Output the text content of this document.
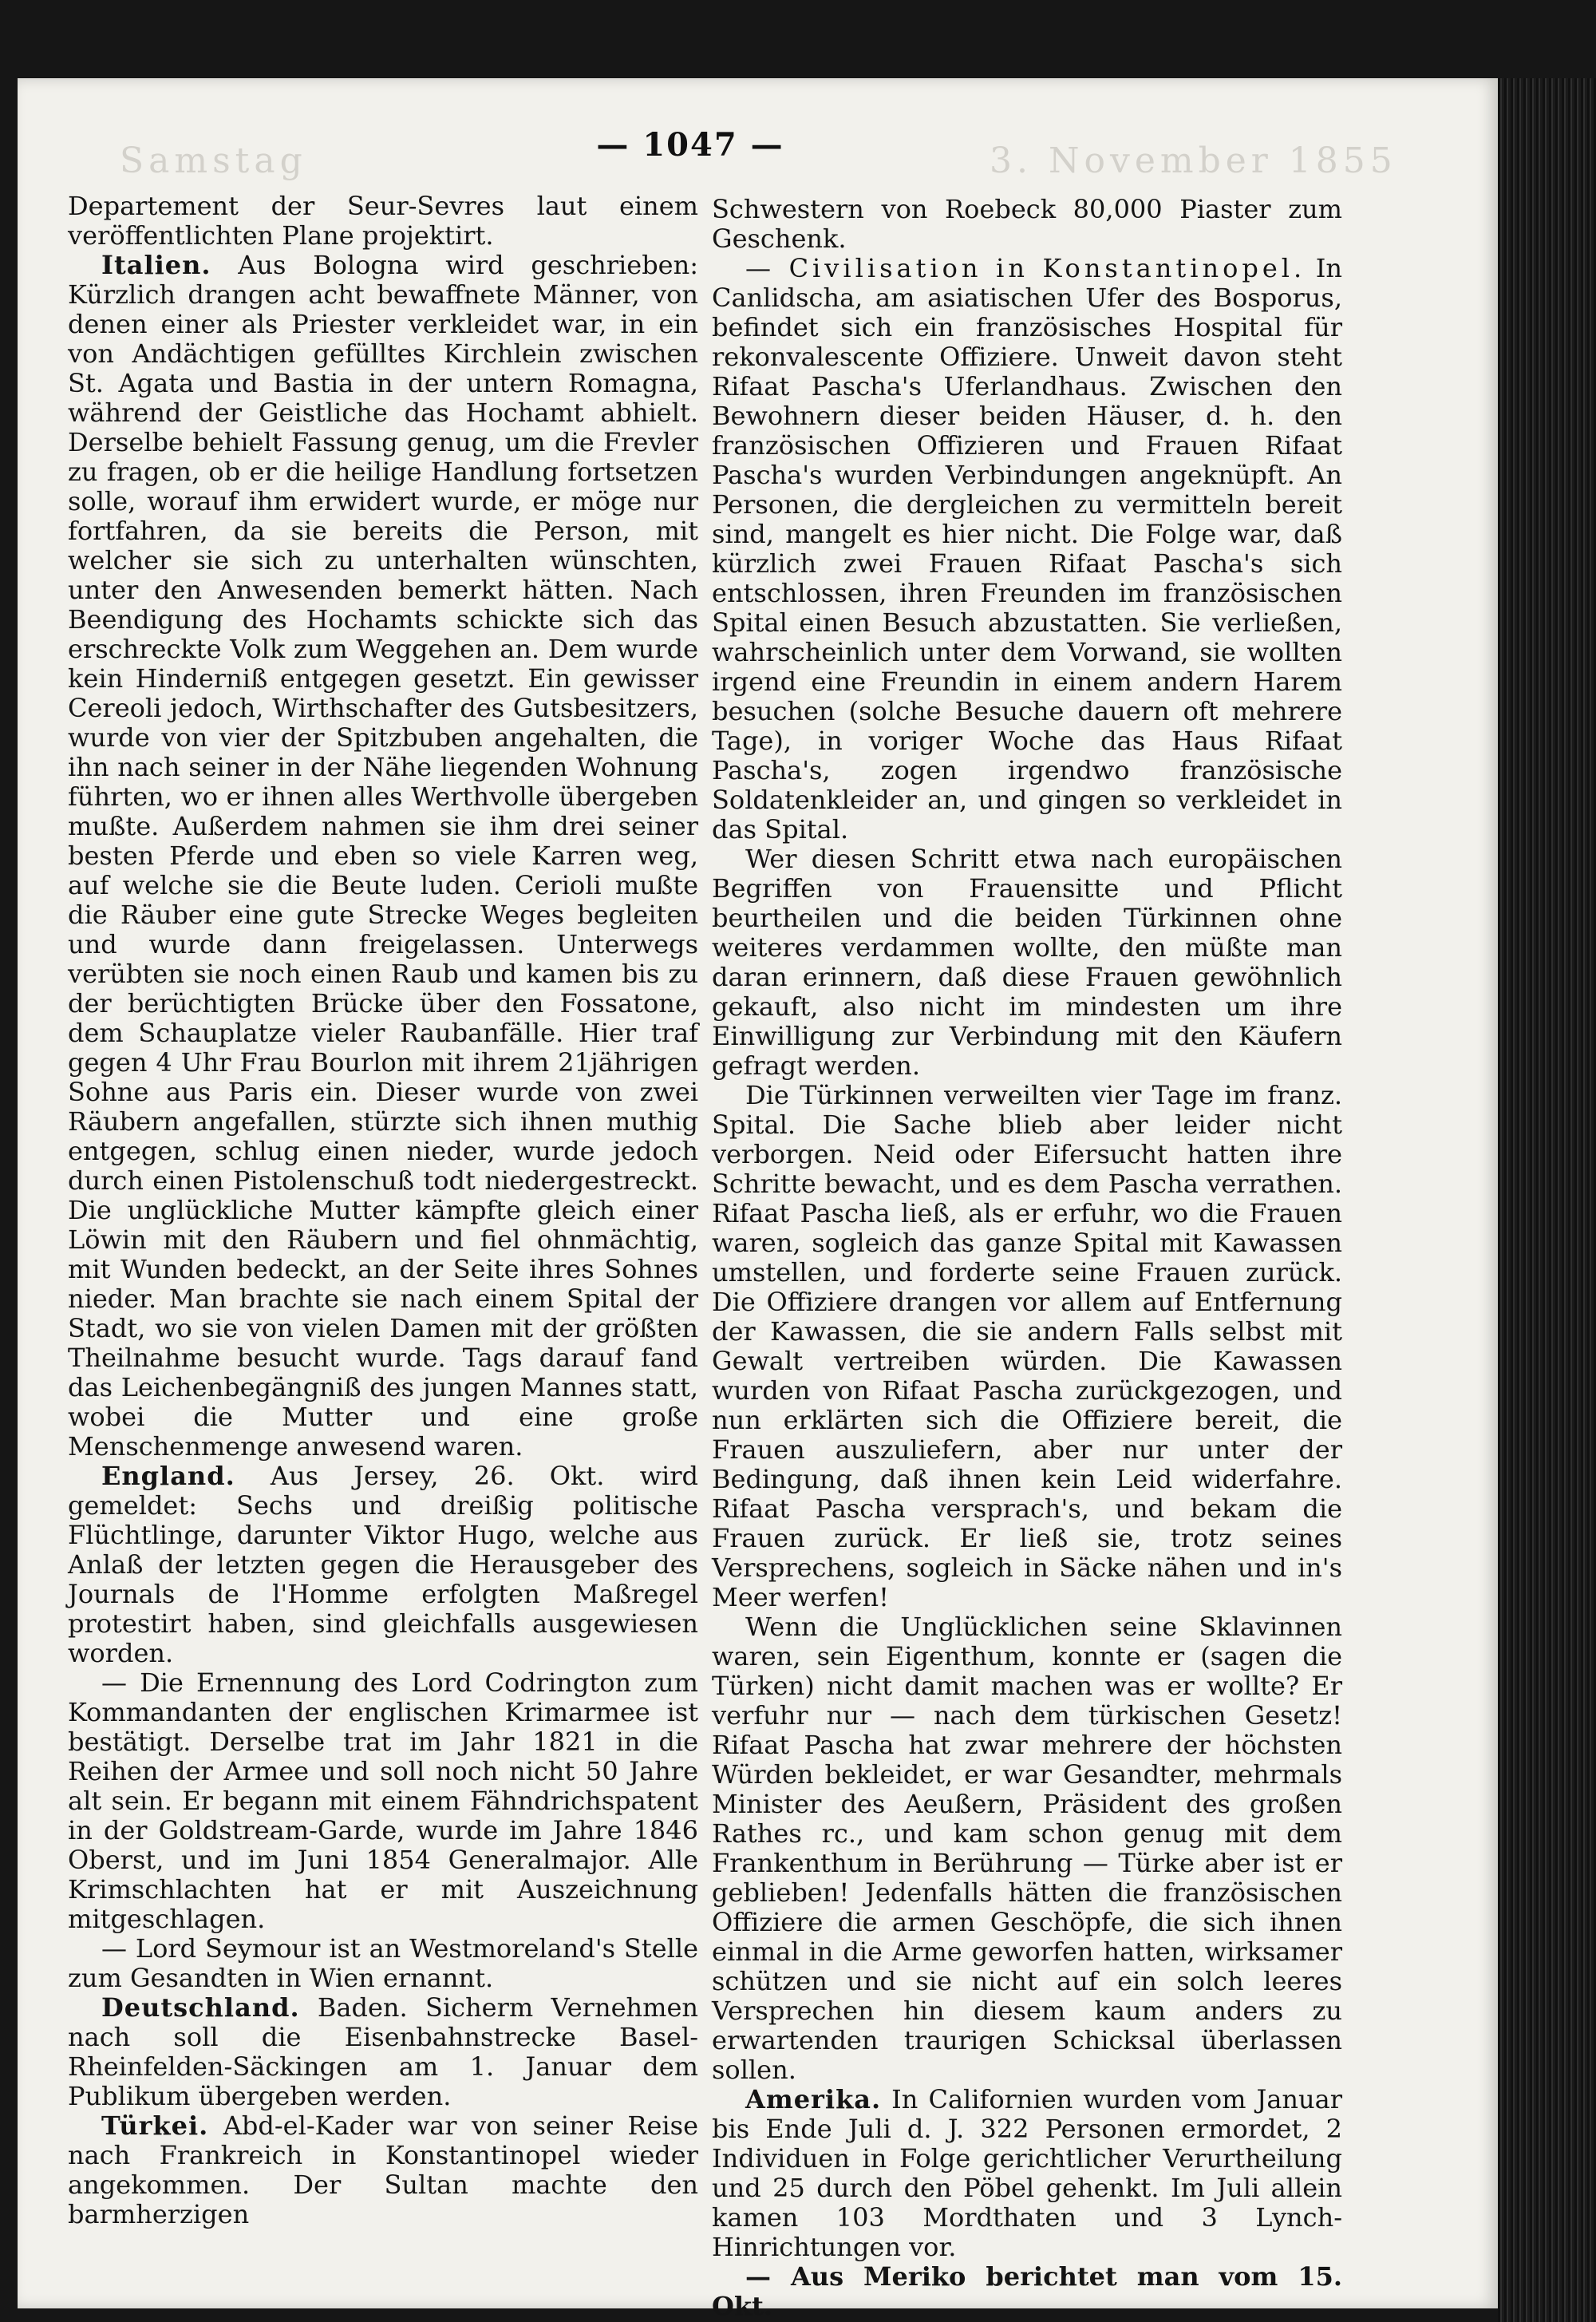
Samstag	3. November 1855
— 1047 —

Departement der Seur-Sevres laut einem veröffentlichten Plane projektirt.

Italien. Aus Bologna wird geschrieben: Kürzlich drangen acht bewaffnete Männer, von denen einer als Priester verkleidet war, in ein von Andächtigen gefülltes Kirchlein zwischen St. Agata und Bastia in der untern Romagna, während der Geistliche das Hochamt abhielt. Derselbe behielt Fassung genug, um die Frevler zu fragen, ob er die heilige Handlung fortsetzen solle, worauf ihm erwidert wurde, er möge nur fortfahren, da sie bereits die Person, mit welcher sie sich zu unterhalten wünschten, unter den Anwesenden bemerkt hätten. Nach Beendigung des Hochamts schickte sich das erschreckte Volk zum Weggehen an. Dem wurde kein Hinderniß entgegen gesetzt. Ein gewisser Cereoli jedoch, Wirthschafter des Gutsbesitzers, wurde von vier der Spitzbuben angehalten, die ihn nach seiner in der Nähe liegenden Wohnung führten, wo er ihnen alles Werthvolle übergeben mußte. Außerdem nahmen sie ihm drei seiner besten Pferde und eben so viele Karren weg, auf welche sie die Beute luden. Cerioli mußte die Räuber eine gute Strecke Weges begleiten und wurde dann freigelassen. Unterwegs verübten sie noch einen Raub und kamen bis zu der berüchtigten Brücke über den Fossatone, dem Schauplatze vieler Raubanfälle. Hier traf gegen 4 Uhr Frau Bourlon mit ihrem 21jährigen Sohne aus Paris ein. Dieser wurde von zwei Räubern angefallen, stürzte sich ihnen muthig entgegen, schlug einen nieder, wurde jedoch durch einen Pistolenschuß todt niedergestreckt. Die unglückliche Mutter kämpfte gleich einer Löwin mit den Räubern und fiel ohnmächtig, mit Wunden bedeckt, an der Seite ihres Sohnes nieder. Man brachte sie nach einem Spital der Stadt, wo sie von vielen Damen mit der größten Theilnahme besucht wurde. Tags darauf fand das Leichenbegängniß des jungen Mannes statt, wobei die Mutter und eine große Menschenmenge anwesend waren.

England. Aus Jersey, 26. Okt. wird gemeldet: Sechs und dreißig politische Flüchtlinge, darunter Viktor Hugo, welche aus Anlaß der letzten gegen die Herausgeber des Journals de l'Homme erfolgten Maßregel protestirt haben, sind gleichfalls ausgewiesen worden.

— Die Ernennung des Lord Codrington zum Kommandanten der englischen Krimarmee ist bestätigt. Derselbe trat im Jahr 1821 in die Reihen der Armee und soll noch nicht 50 Jahre alt sein. Er begann mit einem Fähndrichspatent in der Goldstream-Garde, wurde im Jahre 1846 Oberst, und im Juni 1854 Generalmajor. Alle Krimschlachten hat er mit Auszeichnung mitgeschlagen.

— Lord Seymour ist an Westmoreland's Stelle zum Gesandten in Wien ernannt.

Deutschland. Baden. Sicherm Vernehmen nach soll die Eisenbahnstrecke Basel-Rheinfelden-Säckingen am 1. Januar dem Publikum übergeben werden.

Türkei. Abd-el-Kader war von seiner Reise nach Frankreich in Konstantinopel wieder angekommen. Der Sultan machte den barmherzigen

Schwestern von Roebeck 80,000 Piaster zum Geschenk.

— Civilisation in Konstantinopel. In Canlidscha, am asiatischen Ufer des Bosporus, befindet sich ein französisches Hospital für rekonvalescente Offiziere. Unweit davon steht Rifaat Pascha's Uferlandhaus. Zwischen den Bewohnern dieser beiden Häuser, d. h. den französischen Offizieren und Frauen Rifaat Pascha's wurden Verbindungen angeknüpft. An Personen, die dergleichen zu vermitteln bereit sind, mangelt es hier nicht. Die Folge war, daß kürzlich zwei Frauen Rifaat Pascha's sich entschlossen, ihren Freunden im französischen Spital einen Besuch abzustatten. Sie verließen, wahrscheinlich unter dem Vorwand, sie wollten irgend eine Freundin in einem andern Harem besuchen (solche Besuche dauern oft mehrere Tage), in voriger Woche das Haus Rifaat Pascha's, zogen irgendwo französische Soldatenkleider an, und gingen so verkleidet in das Spital.

Wer diesen Schritt etwa nach europäischen Begriffen von Frauensitte und Pflicht beurtheilen und die beiden Türkinnen ohne weiteres verdammen wollte, den müßte man daran erinnern, daß diese Frauen gewöhnlich gekauft, also nicht im mindesten um ihre Einwilligung zur Verbindung mit den Käufern gefragt werden.

Die Türkinnen verweilten vier Tage im franz. Spital. Die Sache blieb aber leider nicht verborgen. Neid oder Eifersucht hatten ihre Schritte bewacht, und es dem Pascha verrathen. Rifaat Pascha ließ, als er erfuhr, wo die Frauen waren, sogleich das ganze Spital mit Kawassen umstellen, und forderte seine Frauen zurück. Die Offiziere drangen vor allem auf Entfernung der Kawassen, die sie andern Falls selbst mit Gewalt vertreiben würden. Die Kawassen wurden von Rifaat Pascha zurückgezogen, und nun erklärten sich die Offiziere bereit, die Frauen auszuliefern, aber nur unter der Bedingung, daß ihnen kein Leid widerfahre. Rifaat Pascha versprach's, und bekam die Frauen zurück. Er ließ sie, trotz seines Versprechens, sogleich in Säcke nähen und in's Meer werfen!

Wenn die Unglücklichen seine Sklavinnen waren, sein Eigenthum, konnte er (sagen die Türken) nicht damit machen was er wollte? Er verfuhr nur — nach dem türkischen Gesetz! Rifaat Pascha hat zwar mehrere der höchsten Würden bekleidet, er war Gesandter, mehrmals Minister des Aeußern, Präsident des großen Rathes rc., und kam schon genug mit dem Frankenthum in Berührung — Türke aber ist er geblieben! Jedenfalls hätten die französischen Offiziere die armen Geschöpfe, die sich ihnen einmal in die Arme geworfen hatten, wirksamer schützen und sie nicht auf ein solch leeres Versprechen hin diesem kaum anders zu erwartenden traurigen Schicksal überlassen sollen.

Amerika. In Californien wurden vom Januar bis Ende Juli d. J. 322 Personen ermordet, 2 Individuen in Folge gerichtlicher Verurtheilung und 25 durch den Pöbel gehenkt. Im Juli allein kamen 103 Mordthaten und 3 Lynch-Hinrichtungen vor.

— Aus Meriko berichtet man vom 15. Okt.
